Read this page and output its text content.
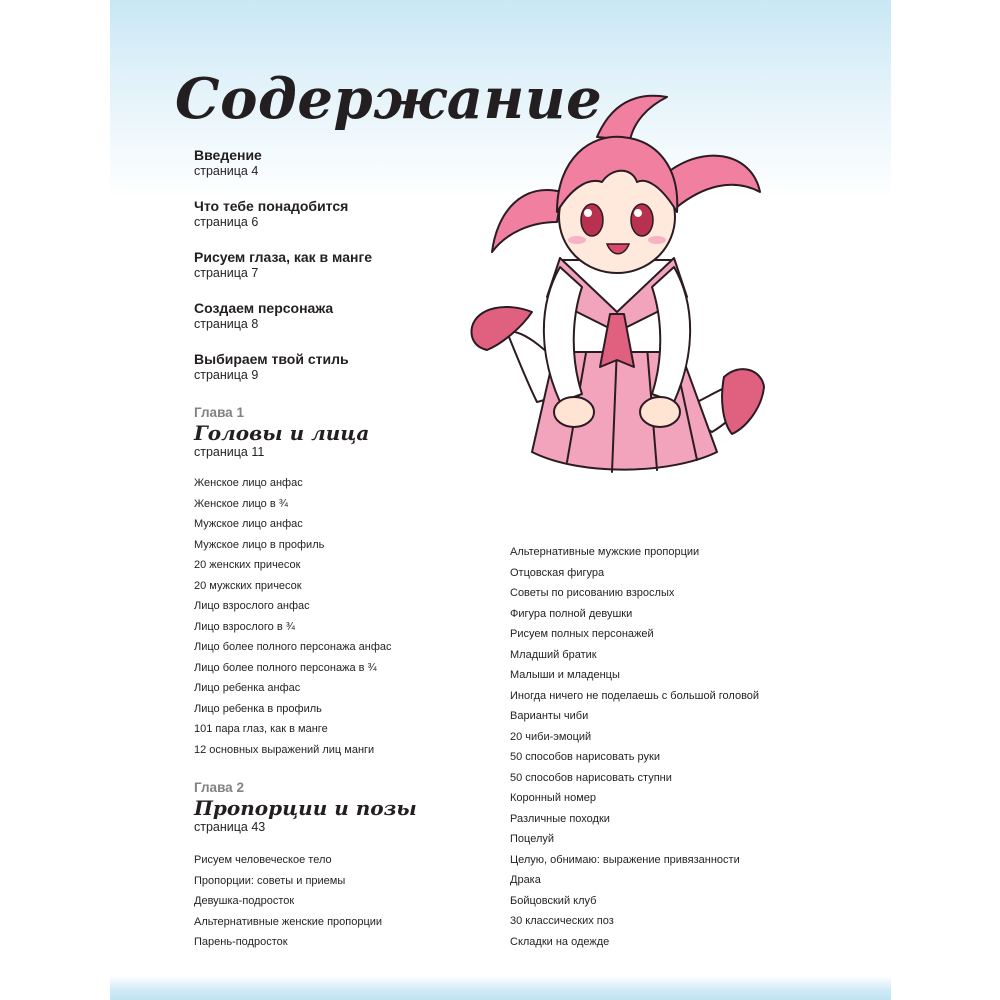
Содержание
Введение
страница 4
Что тебе понадобится
страница 6
Рисуем глаза, как в манге
страница 7
Создаем персонажа
страница 8
Выбираем твой стиль
страница 9
Глава 1
Головы и лица
страница 11
Женское лицо анфас
Женское лицо в ¾
Мужское лицо анфас
Мужское лицо в профиль
20 женских причесок
20 мужских причесок
Лицо взрослого анфас
Лицо взрослого в ¾
Лицо более полного персонажа анфас
Лицо более полного персонажа в ¾
Лицо ребенка анфас
Лицо ребенка в профиль
101 пара глаз, как в манге
12 основных выражений лиц манги
Глава 2
Пропорции и позы
страница 43
Рисуем человеческое тело
Пропорции: советы и приемы
Девушка-подросток
Альтернативные женские пропорции
Парень-подросток
Альтернативные мужские пропорции
Отцовская фигура
Советы по рисованию взрослых
Фигура полной девушки
Рисуем полных персонажей
Младший братик
Малыши и младенцы
Иногда ничего не поделаешь с большой головой
Варианты чиби
20 чиби-эмоций
50 способов нарисовать руки
50 способов нарисовать ступни
Коронный номер
Различные походки
Поцелуй
Целую, обнимаю: выражение привязанности
Драка
Бойцовский клуб
30 классических поз
Складки на одежде
